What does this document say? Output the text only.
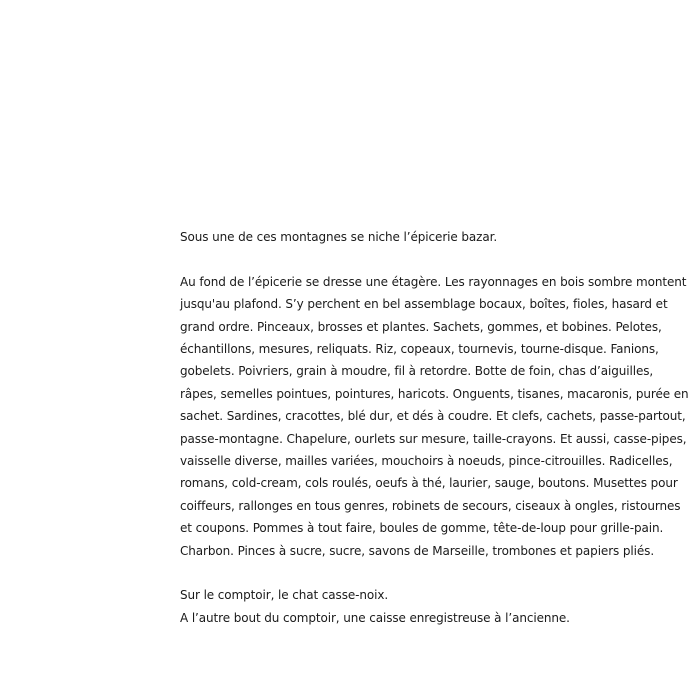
Sous une de ces montagnes se niche l’épicerie bazar.

Au fond de l’épicerie se dresse une étagère. Les rayonnages en bois sombre montent
jusqu'au plafond. S’y perchent en bel assemblage bocaux, boîtes, fioles, hasard et
grand ordre. Pinceaux, brosses et plantes. Sachets, gommes, et bobines. Pelotes,
échantillons, mesures, reliquats. Riz, copeaux, tournevis, tourne-disque. Fanions,
gobelets. Poivriers, grain à moudre, fil à retordre. Botte de foin, chas d’aiguilles,
râpes, semelles pointues, pointures, haricots. Onguents, tisanes, macaronis, purée en
sachet. Sardines, cracottes, blé dur, et dés à coudre. Et clefs, cachets, passe-partout,
passe-montagne. Chapelure, ourlets sur mesure, taille-crayons. Et aussi, casse-pipes,
vaisselle diverse, mailles variées, mouchoirs à noeuds, pince-citrouilles. Radicelles,
romans, cold-cream, cols roulés, oeufs à thé, laurier, sauge, boutons. Musettes pour
coiffeurs, rallonges en tous genres, robinets de secours, ciseaux à ongles, ristournes
et coupons. Pommes à tout faire, boules de gomme, tête-de-loup pour grille-pain.
Charbon. Pinces à sucre, sucre, savons de Marseille, trombones et papiers pliés.

Sur le comptoir, le chat casse-noix.
A l’autre bout du comptoir, une caisse enregistreuse à l’ancienne.
